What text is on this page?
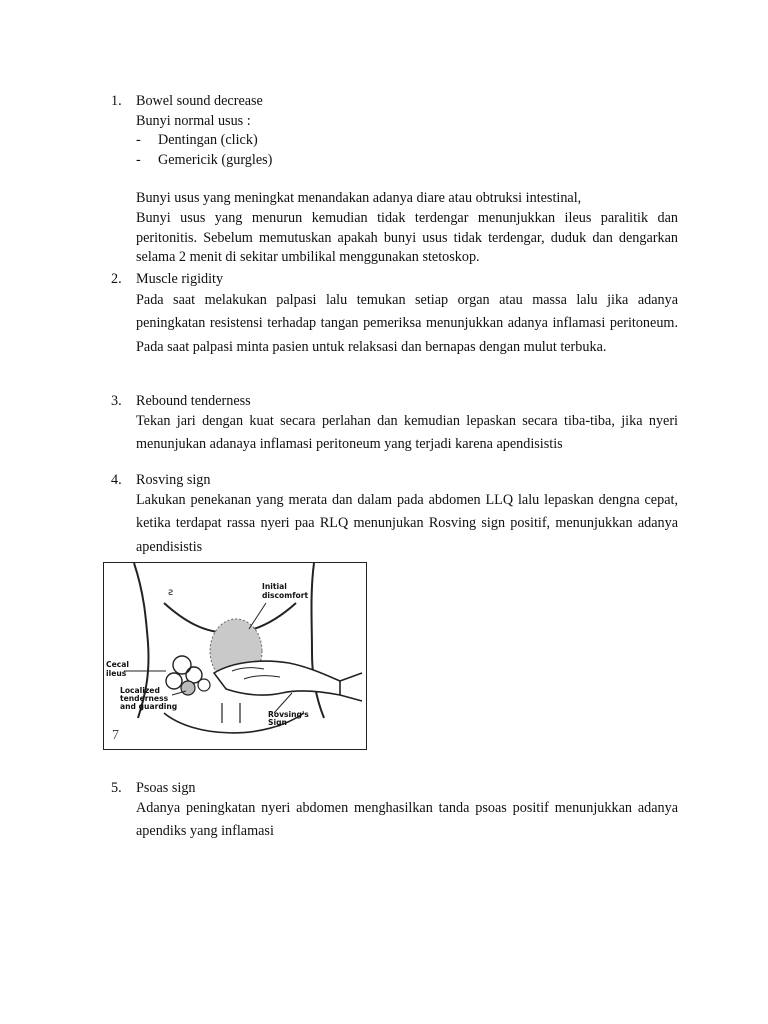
1. Bowel sound decrease
Bunyi normal usus :
- Dentingan (click)
- Gemericik (gurgles)

Bunyi usus yang meningkat menandakan adanya diare atau obtruksi intestinal,

Bunyi usus yang menurun kemudian tidak terdengar menunjukkan ileus paralitik dan peritonitis. Sebelum memutuskan apakah bunyi usus tidak terdengar, duduk dan dengarkan selama 2 menit di sekitar umbilikal menggunakan stetoskop.

2. Muscle rigidity

Pada saat melakukan palpasi lalu temukan setiap organ atau massa lalu jika adanya peningkatan resistensi terhadap tangan pemeriksa menunjukkan adanya inflamasi peritoneum. Pada saat palpasi minta pasien untuk relaksasi dan bernapas dengan mulut terbuka.

3. Rebound tenderness

Tekan jari dengan kuat secara perlahan dan kemudian lepaskan secara tiba-tiba, jika nyeri menunjukan adanaya inflamasi peritoneum yang terjadi karena apendisistis

4. Rosving sign

Lakukan penekanan yang merata dan dalam pada abdomen LLQ lalu lepaskan dengna cepat, ketika terdapat rassa nyeri paa RLQ menunjukan Rosving sign positif, menunjukkan adanya apendisistis

ƨ
Initial
discomfort
Cecal
ileus
Localized
tenderness
and guarding
Rovsing's
Sign
7
5. Psoas sign

Adanya peningkatan nyeri abdomen menghasilkan tanda psoas positif menunjukkan adanya apendiks yang inflamasi
